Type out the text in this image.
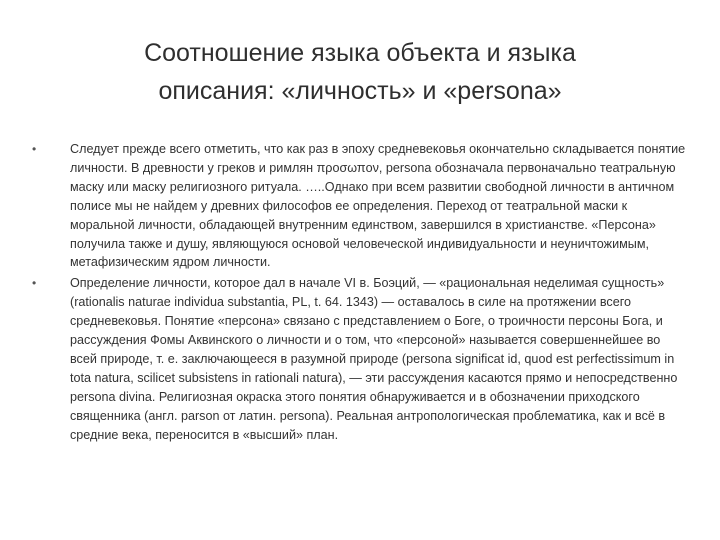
Соотношение языка объекта и языка
описания: «личность» и «persona»
•	Следует прежде всего отметить, что как раз в эпоху средневековья окончательно складывается понятие личности. В древности у греков и римлян πρоσωπоν, persona обозначала первоначально театральную маску или маску религиозного ритуала. …..Однако при всем развитии свободной личности в античном полисе мы не найдем у древних философов ее определения. Переход от театральной маски к моральной личности, обладающей внутренним единством, завершился в христианстве. «Персона» получила также и душу, являющуюся основой человеческой индивидуальности и неуничтожимым, метафизическим ядром личности.
•	Определение личности, которое дал в начале VI в. Боэций, — «рациональная неделимая сущность» (rationalis naturae individua substantia, PL, t. 64. 1343) — оставалось в силе на протяжении всего средневековья. Понятие «персона» связано с представлением о Боге, о троичности персоны Бога, и рассуждения Фомы Аквинского о личности и о том, что «персоной» называется совершеннейшее во всей природе, т. е. заключающееся в разумной природе (persona significat id, quod est perfectissimum in tota natura, scilicet subsistens in rationali natura), — эти рассуждения касаются прямо и непосредственно persona divina. Религиозная окраска этого понятия обнаруживается и в обозначении приходского священника (англ. parson от латин. persona). Реальная антропологическая проблематика, как и всё в средние века, переносится в «высший» план.
